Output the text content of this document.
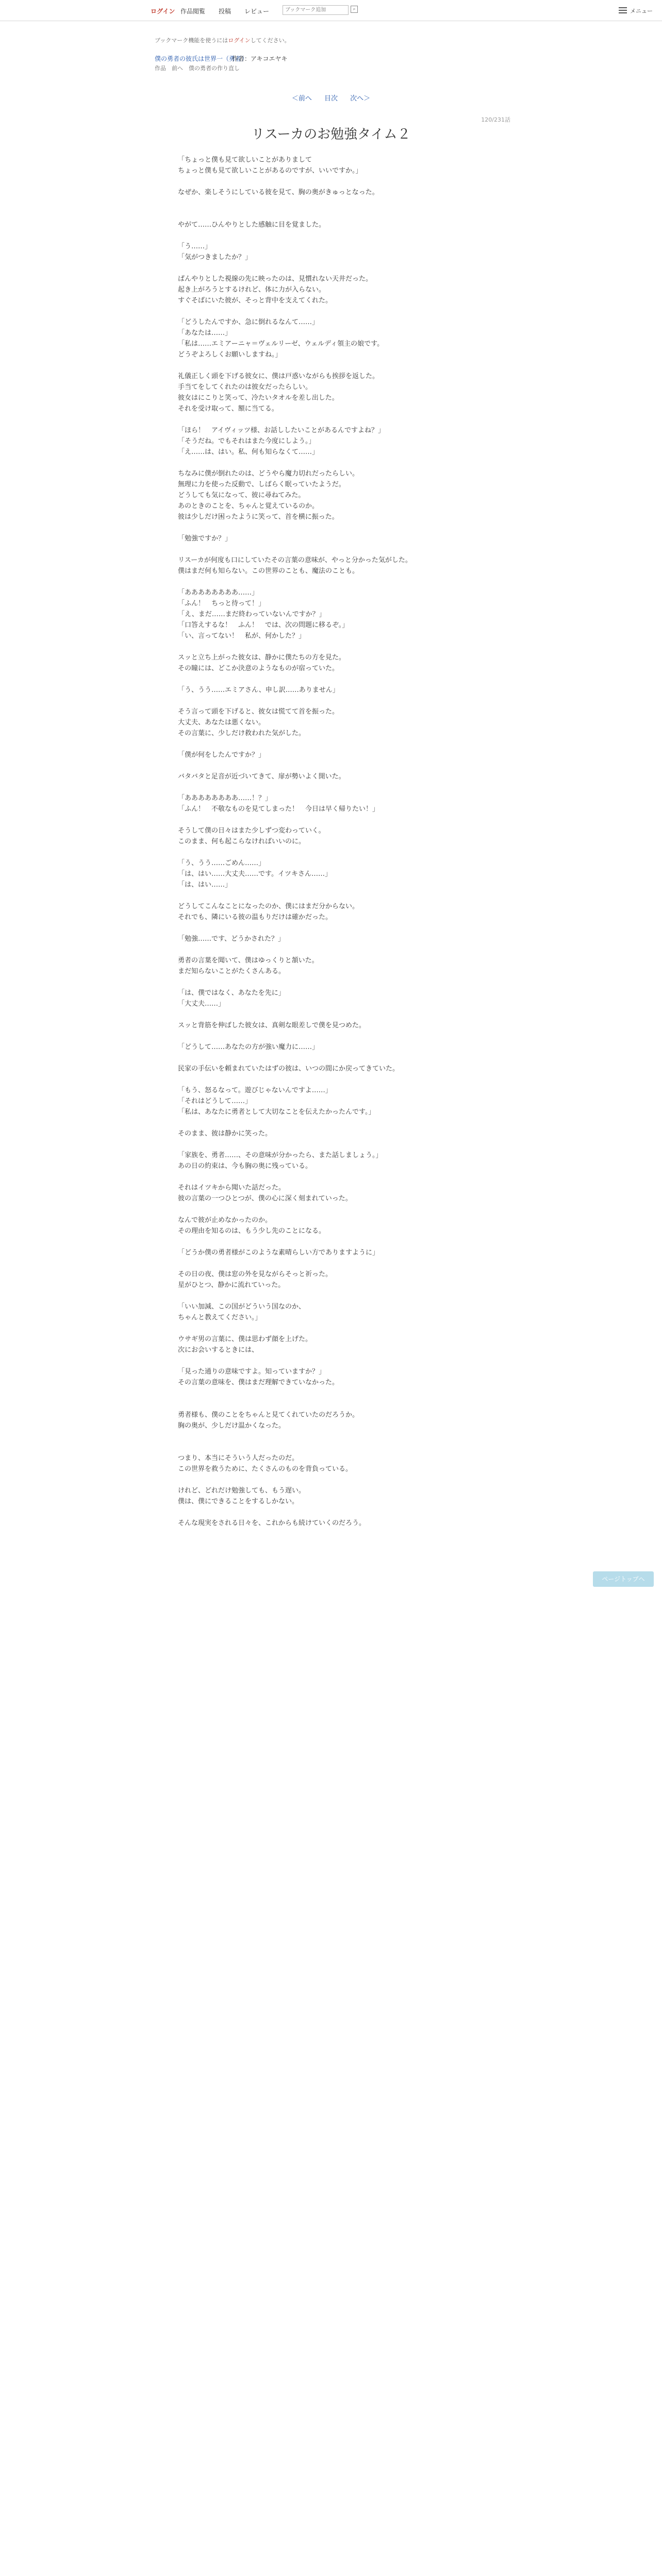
ログイン 作品閲覧 投稿 レビュー
ブックマーク追加	⌕	メニュー
ブックマーク機能を使うにはログインしてください。
僕の勇者の彼氏は世界一（勇者）
作者：アキコエヤキ
作品　前へ　僕の勇者の作り直し
＜前へ 目次 次へ＞
120/231話
リスーカのお勉強タイム２

「ちょっと僕も見て欲しいことがありまして

ちょっと僕も見て欲しいことがあるのですが、いいですか。」

なぜか、楽しそうにしている彼を見て、胸の奥がきゅっとなった。

やがて……ひんやりとした感触に目を覚ました。

「う……」

「気がつきましたか？」

ぱんやりとした視線の先に映ったのは、見慣れない天井だった。

起き上がろうとするけれど、体に力が入らない。

すぐそばにいた彼が、そっと背中を支えてくれた。

「どうしたんですか、急に倒れるなんて……」

「あなたは……」

「私は……エミアーニャ＝ヴェルリーゼ、ウェルディ領主の娘です。

どうぞよろしくお願いしますね。」

礼儀正しく頭を下げる彼女に、僕は戸惑いながらも挨拶を返した。

手当てをしてくれたのは彼女だったらしい。

彼女はにこりと笑って、冷たいタオルを差し出した。

それを受け取って、額に当てる。

「ほら！　アイヴィッツ様、お話ししたいことがあるんですよね？」

「そうだね。でもそれはまた今度にしよう。」

「え……は、はい。私、何も知らなくて……」

ちなみに僕が倒れたのは、どうやら魔力切れだったらしい。

無理に力を使った反動で、しばらく眠っていたようだ。

どうしても気になって、彼に尋ねてみた。

あのときのことを、ちゃんと覚えているのか。

彼は少しだけ困ったように笑って、首を横に振った。

「勉強ですか？」

リスーカが何度も口にしていたその言葉の意味が、やっと分かった気がした。

僕はまだ何も知らない。この世界のことも、魔法のことも。

「ああああああああ……」

「ふん！　ちっと待って！」

「え、まだ……まだ終わっていないんですか？」

「口答えするな！　ふん！　では、次の問題に移るぞ。」

「い、言ってない！　私が、何かした？」

スッと立ち上がった彼女は、静かに僕たちの方を見た。

その瞳には、どこか決意のようなものが宿っていた。

「う、うう……エミアさん、申し訳……ありません」

そう言って頭を下げると、彼女は慌てて首を振った。

大丈夫、あなたは悪くない。

その言葉に、少しだけ救われた気がした。

「僕が何をしたんですか？」

バタバタと足音が近づいてきて、扉が勢いよく開いた。

「ああああああああ……！？」

「ふん！　不敬なものを見てしまった！　今日は早く帰りたい！」

そうして僕の日々はまた少しずつ変わっていく。

このまま、何も起こらなければいいのに。

「う、うう……ごめん……」

「は、はい……大丈夫……です。イツキさん……」

「は、はい……」

どうしてこんなことになったのか、僕にはまだ分からない。

それでも、隣にいる彼の温もりだけは確かだった。

「勉強……です、どうかされた？」

勇者の言葉を聞いて、僕はゆっくりと頷いた。

まだ知らないことがたくさんある。

「は、僕ではなく、あなたを先に」

「大丈夫……」

スッと背筋を伸ばした彼女は、真剣な眼差しで僕を見つめた。

「どうして……あなたの方が強い魔力に……」

民家の手伝いを頼まれていたはずの彼は、いつの間にか戻ってきていた。

「もう、怒るなって。遊びじゃないんですよ……」

「それはどうして……」

「私は、あなたに勇者として大切なことを伝えたかったんです。」

そのまま、彼は静かに笑った。

「家族を、勇者……、その意味が分かったら、また話しましょう。」

あの日の約束は、今も胸の奥に残っている。

それはイツキから聞いた話だった。

彼の言葉の一つひとつが、僕の心に深く刻まれていった。

なんで彼が止めなかったのか。

その理由を知るのは、もう少し先のことになる。

「どうか僕の勇者様がこのような素晴らしい方でありますように」

その日の夜、僕は窓の外を見ながらそっと祈った。

星がひとつ、静かに流れていった。

「いい加減、この国がどういう国なのか、

ちゃんと教えてください。」

ウサギ男の言葉に、僕は思わず顔を上げた。

次にお会いするときには、

「見った通りの意味ですよ。知っていますか？」

その言葉の意味を、僕はまだ理解できていなかった。

勇者様も、僕のことをちゃんと見てくれていたのだろうか。

胸の奥が、少しだけ温かくなった。

つまり、本当にそういう人だったのだ。

この世界を救うために、たくさんのものを背負っている。

けれど、どれだけ勉強しても、もう遅い。

僕は、僕にできることをするしかない。

そんな現実をされる日々を、これからも続けていくのだろう。

ページトップへ
